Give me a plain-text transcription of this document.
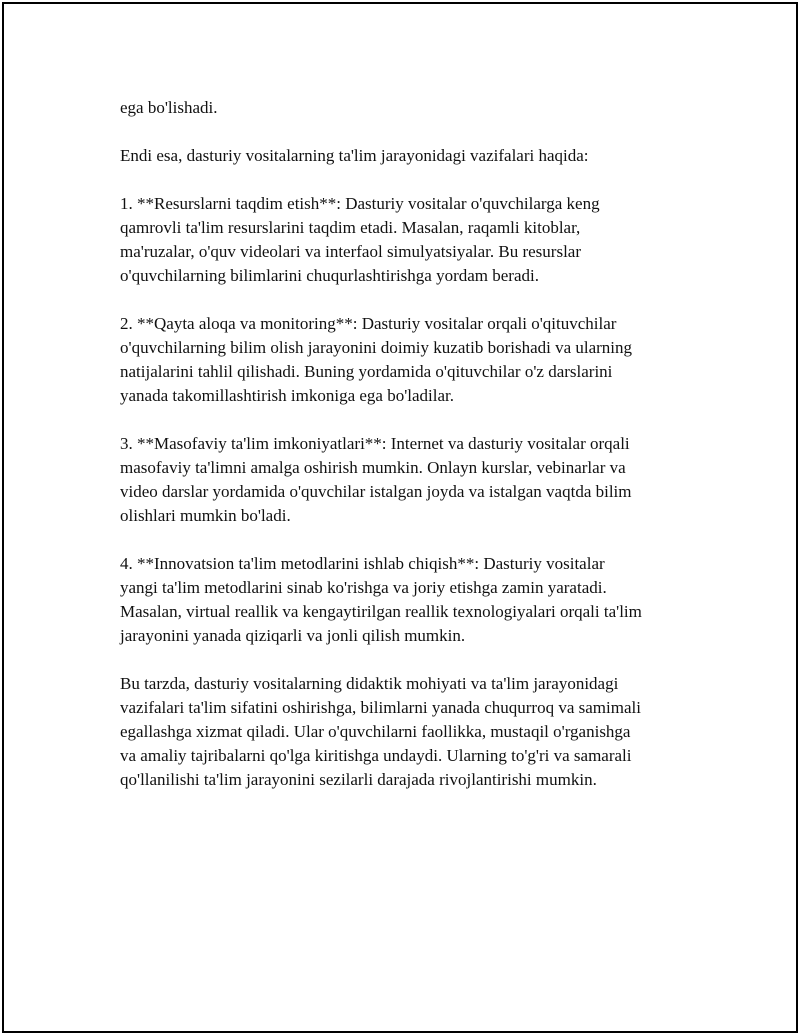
ega bo'lishadi.
Endi esa, dasturiy vositalarning ta'lim jarayonidagi vazifalari haqida:
1. **Resurslarni taqdim etish**: Dasturiy vositalar o'quvchilarga keng
qamrovli ta'lim resurslarini taqdim etadi. Masalan, raqamli kitoblar,
ma'ruzalar, o'quv videolari va interfaol simulyatsiyalar. Bu resurslar
o'quvchilarning bilimlarini chuqurlashtirishga yordam beradi.
2. **Qayta aloqa va monitoring**: Dasturiy vositalar orqali o'qituvchilar
o'quvchilarning bilim olish jarayonini doimiy kuzatib borishadi va ularning
natijalarini tahlil qilishadi. Buning yordamida o'qituvchilar o'z darslarini
yanada takomillashtirish imkoniga ega bo'ladilar.
3. **Masofaviy ta'lim imkoniyatlari**: Internet va dasturiy vositalar orqali
masofaviy ta'limni amalga oshirish mumkin. Onlayn kurslar, vebinarlar va
video darslar yordamida o'quvchilar istalgan joyda va istalgan vaqtda bilim
olishlari mumkin bo'ladi.
4. **Innovatsion ta'lim metodlarini ishlab chiqish**: Dasturiy vositalar
yangi ta'lim metodlarini sinab ko'rishga va joriy etishga zamin yaratadi.
Masalan, virtual reallik va kengaytirilgan reallik texnologiyalari orqali ta'lim
jarayonini yanada qiziqarli va jonli qilish mumkin.
Bu tarzda, dasturiy vositalarning didaktik mohiyati va ta'lim jarayonidagi
vazifalari ta'lim sifatini oshirishga, bilimlarni yanada chuqurroq va samimali
egallashga xizmat qiladi. Ular o'quvchilarni faollikka, mustaqil o'rganishga
va amaliy tajribalarni qo'lga kiritishga undaydi. Ularning to'g'ri va samarali
qo'llanilishi ta'lim jarayonini sezilarli darajada rivojlantirishi mumkin.
